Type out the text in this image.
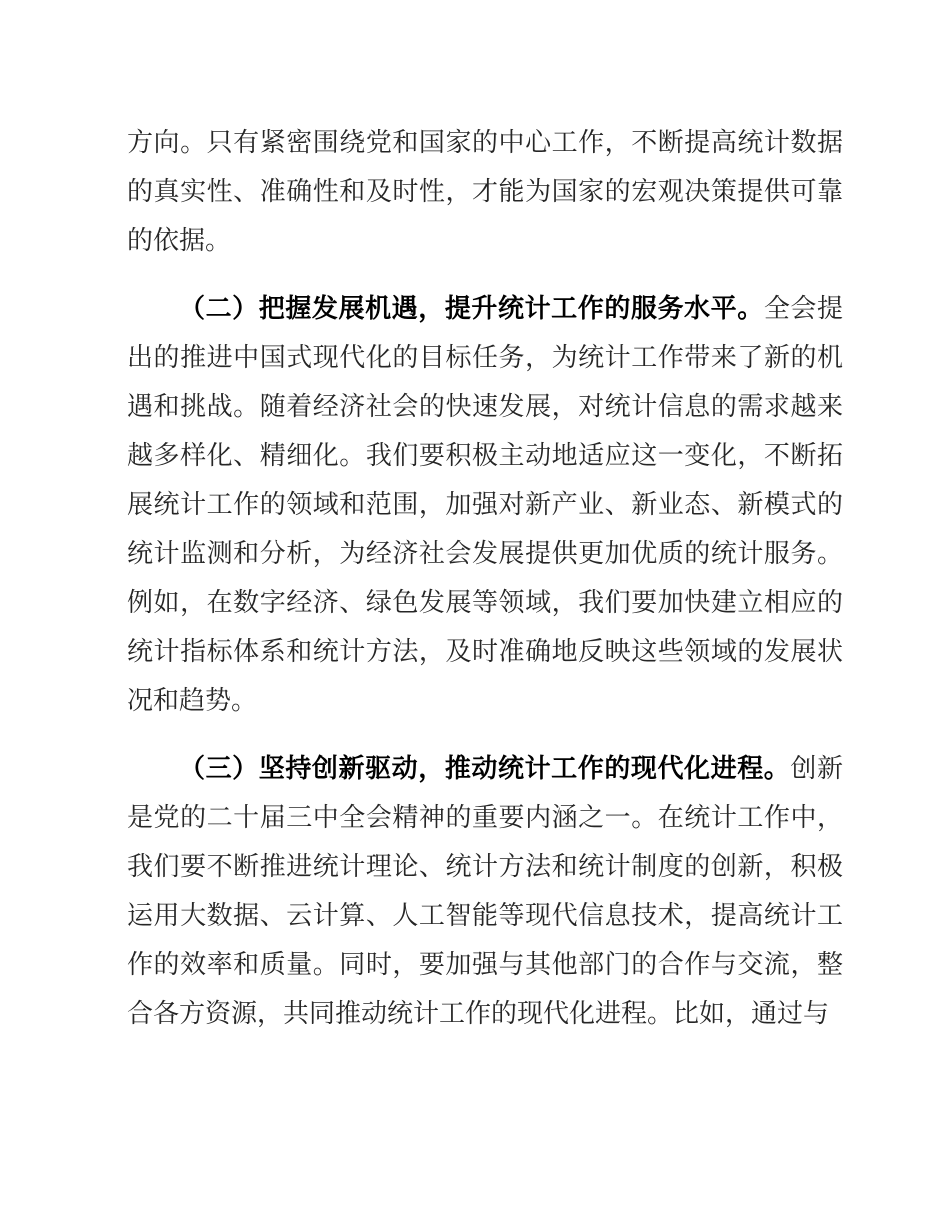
方向。只有紧密围绕党和国家的中心工作，不断提高统计数据的真实性、准确性和及时性，才能为国家的宏观决策提供可靠的依据。

（二）把握发展机遇，提升统计工作的服务水平。全会提出的推进中国式现代化的目标任务，为统计工作带来了新的机遇和挑战。随着经济社会的快速发展，对统计信息的需求越来越多样化、精细化。我们要积极主动地适应这一变化，不断拓展统计工作的领域和范围，加强对新产业、新业态、新模式的统计监测和分析，为经济社会发展提供更加优质的统计服务。例如，在数字经济、绿色发展等领域，我们要加快建立相应的统计指标体系和统计方法，及时准确地反映这些领域的发展状况和趋势。

（三）坚持创新驱动，推动统计工作的现代化进程。创新是党的二十届三中全会精神的重要内涵之一。在统计工作中，我们要不断推进统计理论、统计方法和统计制度的创新，积极运用大数据、云计算、人工智能等现代信息技术，提高统计工作的效率和质量。同时，要加强与其他部门的合作与交流，整合各方资源，共同推动统计工作的现代化进程。比如，通过与
